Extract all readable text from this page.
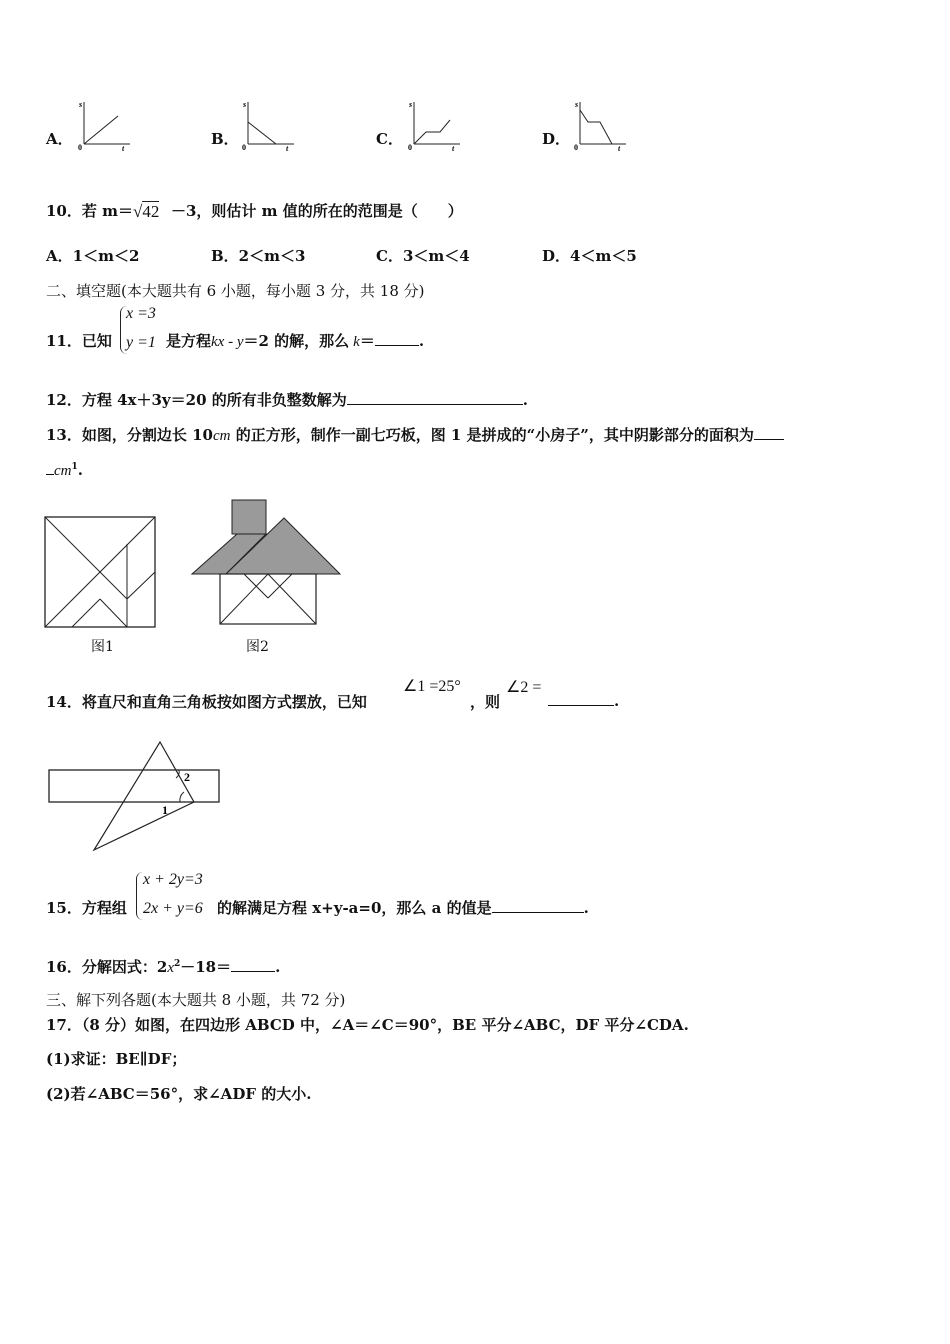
A． 0	t
s
B． 0	t
s
C． 0	t
s
D． 0	t
s
10．若 m＝ √42 －3，则估计 m 值的所在的范围是（　　）
A．1＜m＜2	B．2＜m＜3	C．3＜m＜4	D．4＜m＜5
二、填空题(本大题共有 6 小题，每小题 3 分，共 18 分)
11．已知
x =3
y =1 是方程kx - y＝2 的解，那么 k＝	.
12．方程 4x＋3y＝20 的所有非负整数解为	.
13．如图，分割边长 10cm 的正方形，制作一副七巧板，图 1 是拼成的“小房子”，其中阴影部分的面积为
$cm^1$.
图1	图2
14．将直尺和直角三角板按如图方式摆放，已知
∠1 =25°
，则
∠2 =
.
1
2
15．方程组
x + 2y=3
2x + y=6 的解满足方程 x+y-a=0，那么 a 的值是	.
16．分解因式：$2x^2-18=$	.
三、解下列各题(本大题共 8 小题，共 72 分)
17．（8 分）如图，在四边形 ABCD 中，∠A＝∠C＝90°，BE 平分∠ABC，DF 平分∠CDA.
(1)求证：BE∥DF；
(2)若∠ABC＝56°，求∠ADF 的大小.
